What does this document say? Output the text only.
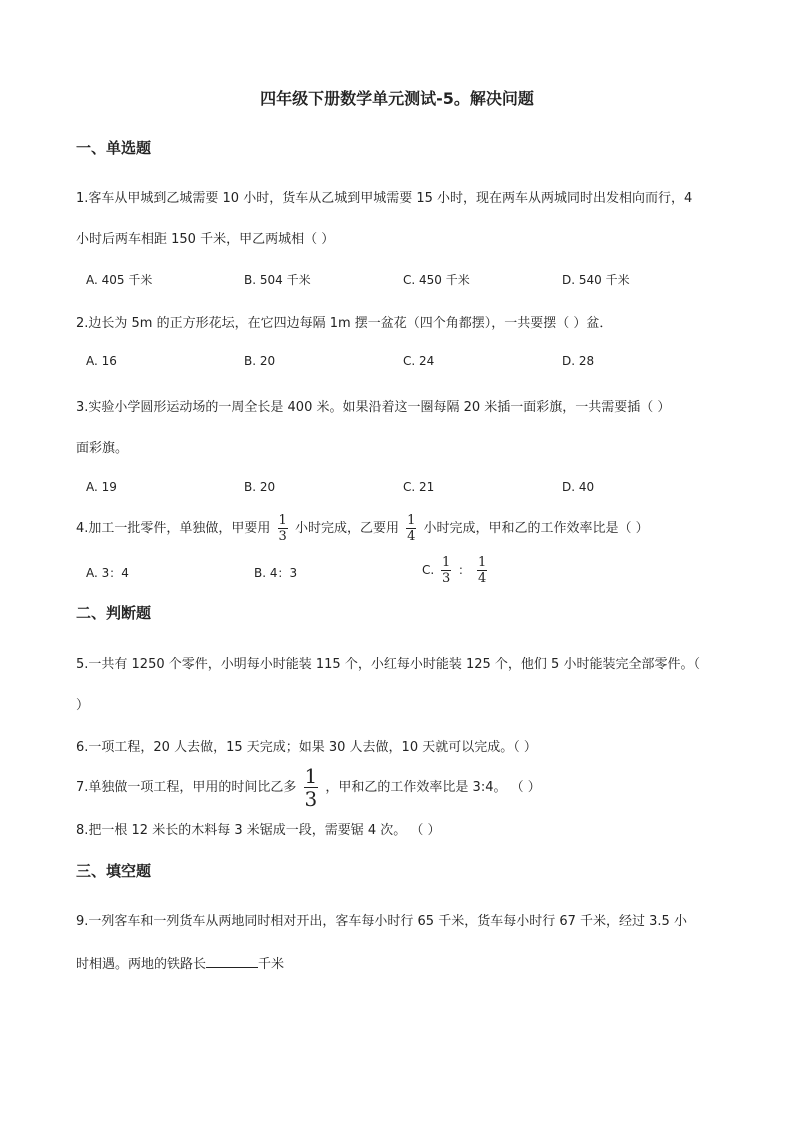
四年级下册数学单元测试-5。解决问题
一、单选题
1.客车从甲城到乙城需要 10 小时，货车从乙城到甲城需要 15 小时，现在两车从两城同时出发相向而行，4
小时后两车相距 150 千米，甲乙两城相（ ）
A. 405 千米	B. 504 千米	C. 450 千米	D. 540 千米
2.边长为 5m 的正方形花坛，在它四边每隔 1m 摆一盆花（四个角都摆），一共要摆（ ）盆．
A. 16	B. 20	C. 24	D. 28
3.实验小学圆形运动场的一周全长是 400 米。如果沿着这一圈每隔 20 米插一面彩旗，一共需要插（ ）
面彩旗。
A. 19	B. 20	C. 21	D. 40
4.加工一批零件，单独做，甲要用 $\frac{1}{3}$ 小时完成，乙要用 $\frac{1}{4}$ 小时完成，甲和乙的工作效率比是（ ）
A. 3：4	B. 4：3	C. $\frac{1}{3}$ ： $\frac{1}{4}$
二、判断题
5.一共有 1250 个零件，小明每小时能装 115 个，小红每小时能装 125 个，他们 5 小时能装完全部零件。（
）
6.一项工程，20 人去做，15 天完成；如果 30 人去做，10 天就可以完成。（ ）
7.单独做一项工程，甲用的时间比乙多 $\frac{1}{3}$ ，甲和乙的工作效率比是 3:4。 （ ）
8.把一根 12 米长的木料每 3 米锯成一段，需要锯 4 次。 （ ）
三、填空题
9.一列客车和一列货车从两地同时相对开出，客车每小时行 65 千米，货车每小时行 67 千米，经过 3.5 小
时相遇。两地的铁路长	千米
